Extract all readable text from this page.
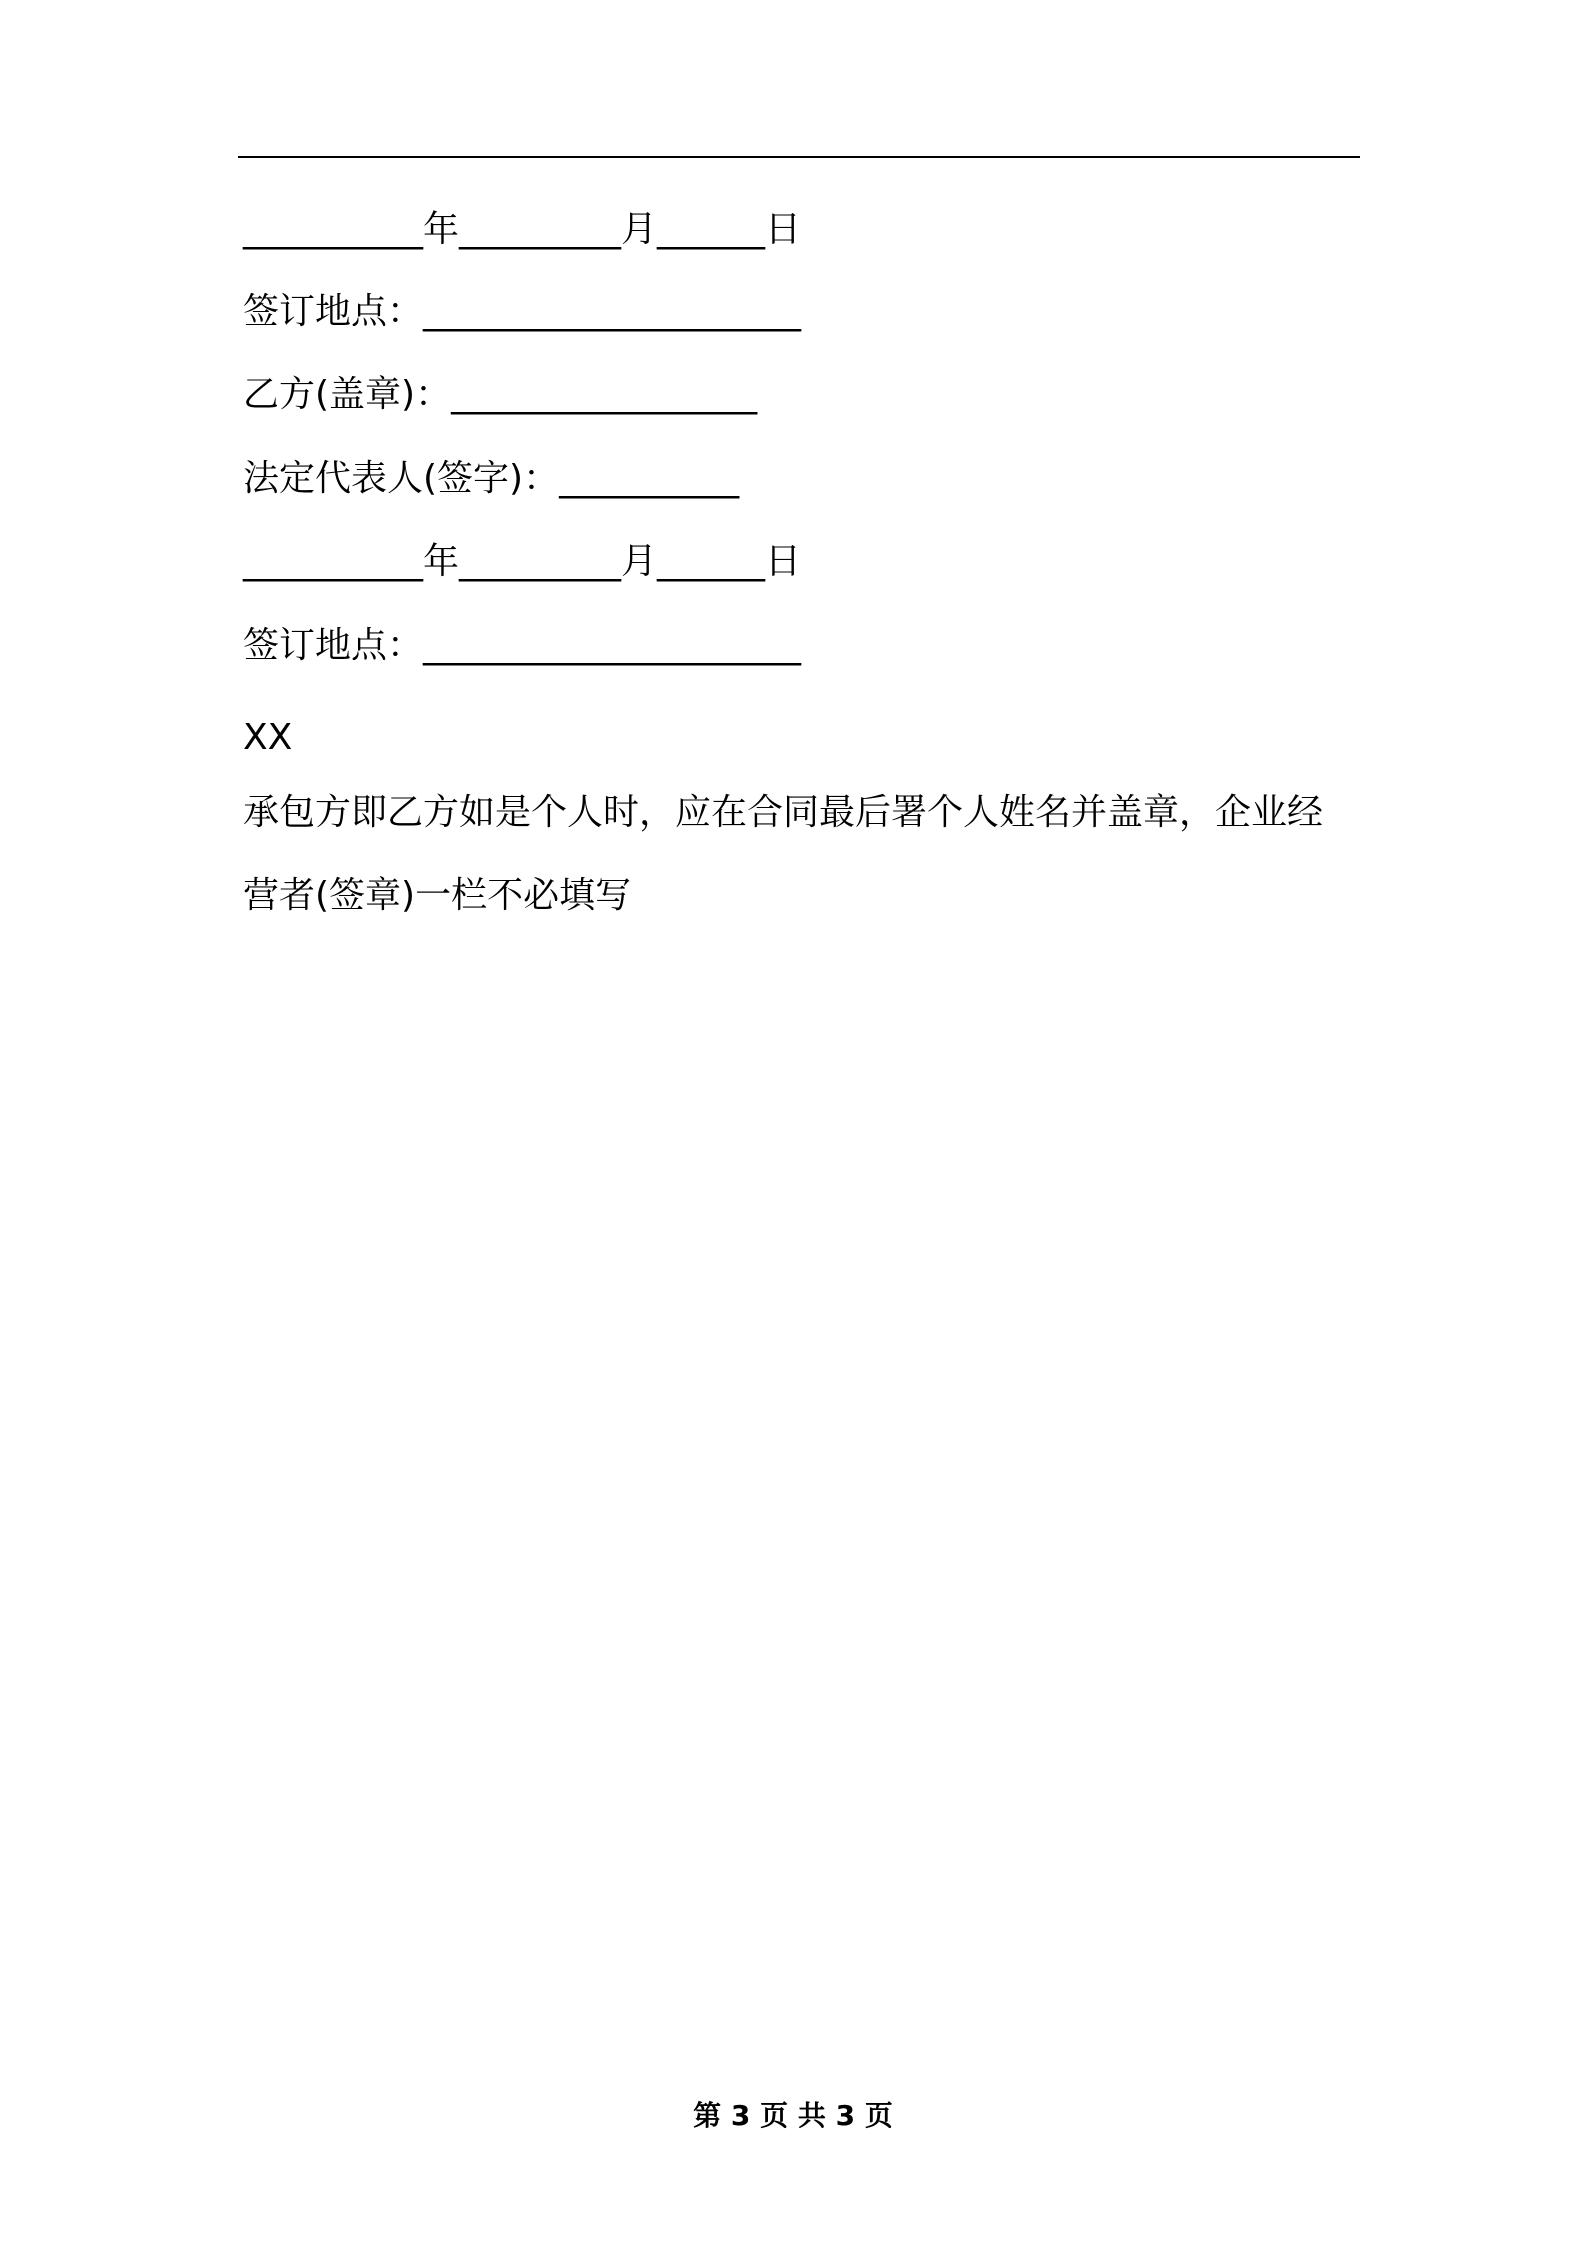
__________年_________月______日
签订地点：_____________________
乙方(盖章)：_________________
法定代表人(签字)：__________
__________年_________月______日
签订地点：_____________________
XX
承包方即乙方如是个人时，应在合同最后署个人姓名并盖章，企业经
营者(签章)一栏不必填写
第 3 页 共 3 页
